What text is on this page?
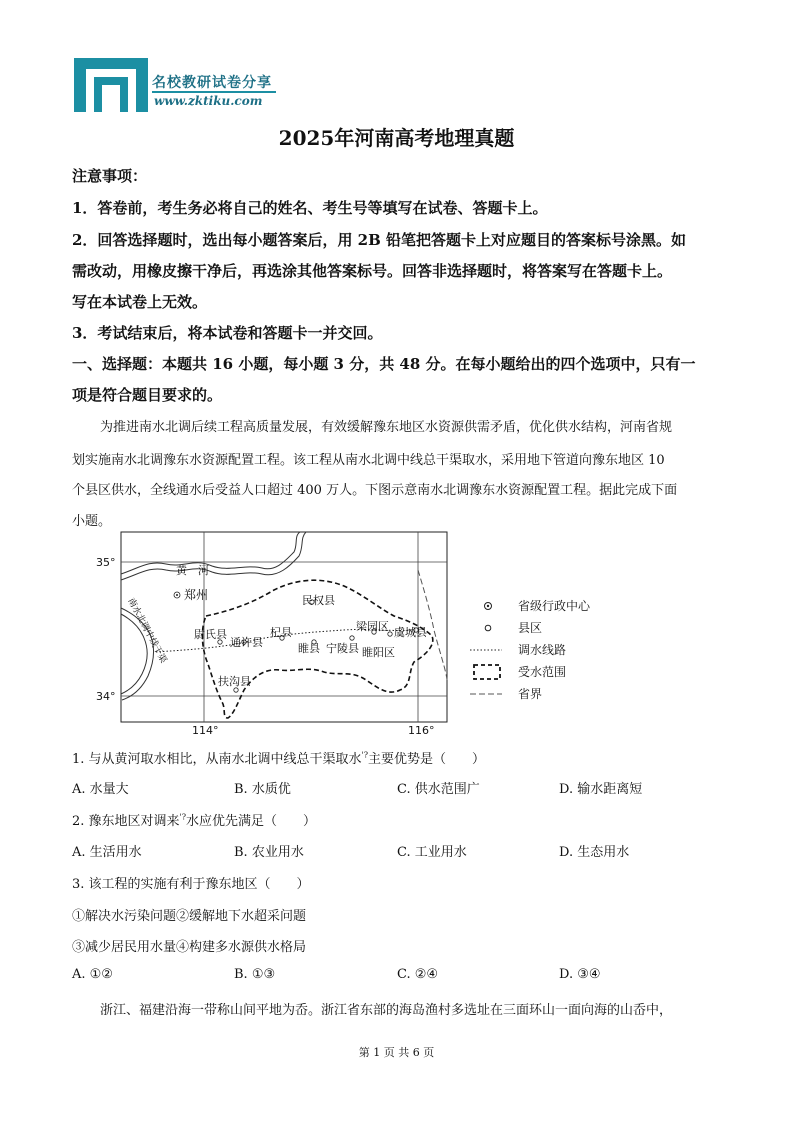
名校教研试卷分享
www.zktiku.com
2025年河南高考地理真题
注意事项：
1．答卷前，考生务必将自己的姓名、考生号等填写在试卷、答题卡上。
2．回答选择题时，选出每小题答案后，用 2B 铅笔把答题卡上对应题目的答案标号涂黑。如
需改动，用橡皮擦干净后，再选涂其他答案标号。回答非选择题时，将答案写在答题卡上。
写在本试卷上无效。
3．考试结束后，将本试卷和答题卡一并交回。
一、选择题：本题共 16 小题，每小题 3 分，共 48 分。在每小题给出的四个选项中，只有一
项是符合题目要求的。
为推进南水北调后续工程高质量发展，有效缓解豫东地区水资源供需矛盾，优化供水结构，河南省规
划实施南水北调豫东水资源配置工程。该工程从南水北调中线总干渠取水，采用地下管道向豫东地区 10
个县区供水，全线通水后受益人口超过 400 万人。下图示意南水北调豫东水资源配置工程。据此完成下面
小题。
35°
34°
114°	116°
黄　河
郑州	民权县
尉氏县
通许县
杞县
睢县 宁陵县
梁园区
睢阳区
虞城县
扶沟县
南水北调中线干渠	省级行政中心
县区
调水线路
受水范围
省界
1. 与从黄河取水相比，从南水北调中线总干渠取水'?主要优势是（　　）
A. 水量大	B. 水质优	C. 供水范围广	D. 输水距离短
2. 豫东地区对调来'?水应优先满足（　　）
A. 生活用水	B. 农业用水	C. 工业用水	D. 生态用水
3. 该工程的实施有利于豫东地区（　　）
①解决水污染问题②缓解地下水超采问题
③减少居民用水量④构建多水源供水格局
A. ①②	B. ①③	C. ②④	D. ③④
浙江、福建沿海一带称山间平地为岙。浙江省东部的海岛渔村多选址在三面环山一面向海的山岙中，
第 1 页 共 6 页
